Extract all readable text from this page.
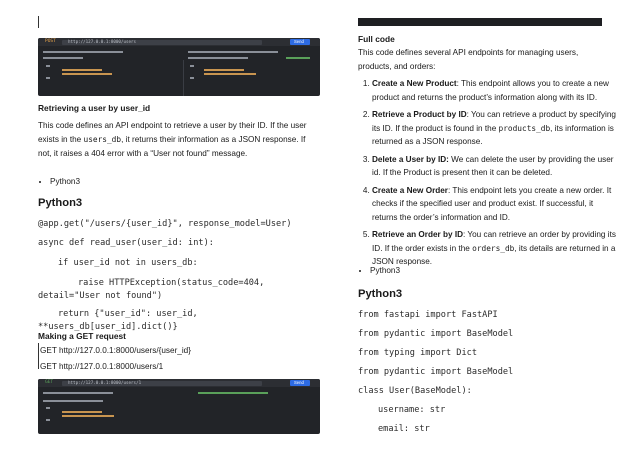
POST	http://127.0.0.1:8000/users	Send

Retrieving a user by user_id

This code defines an API endpoint to retrieve a user by their ID. If the user exists in the users_db, it returns their information as a JSON response. If not, it raises a 404 error with a “User not found” message.

• Python3

Python3

@app.get("/users/{user_id}", response_model=User)

async def read_user(user_id: int):

if user_id not in users_db:

raise HTTPException(status_code=404,

detail="User not found")

return {"user_id": user_id,

**users_db[user_id].dict()}

Making a GET request

GET http://127.0.0.1:8000/users/{user_id}

GET http://127.0.0.1:8000/users/1

GET	http://127.0.0.1:8000/users/1	Send

Full code

This code defines several API endpoints for managing users, products, and orders:

1. Create a New Product: This endpoint allows you to create a new product and returns the product’s information along with its ID.
2. Retrieve a Product by ID: You can retrieve a product by specifying its ID. If the product is found in the products_db, its information is returned as a JSON response.
3. Delete a User by ID: We can delete the user by providing the user id. If the Product is present then it can be deleted.
4. Create a New Order: This endpoint lets you create a new order. It checks if the specified user and product exist. If successful, it returns the order’s information and ID.
5. Retrieve an Order by ID: You can retrieve an order by providing its ID. If the order exists in the orders_db, its details are returned in a JSON response.
• Python3

Python3

from fastapi import FastAPI

from pydantic import BaseModel

from typing import Dict

from pydantic import BaseModel

class User(BaseModel):

username: str

email: str
